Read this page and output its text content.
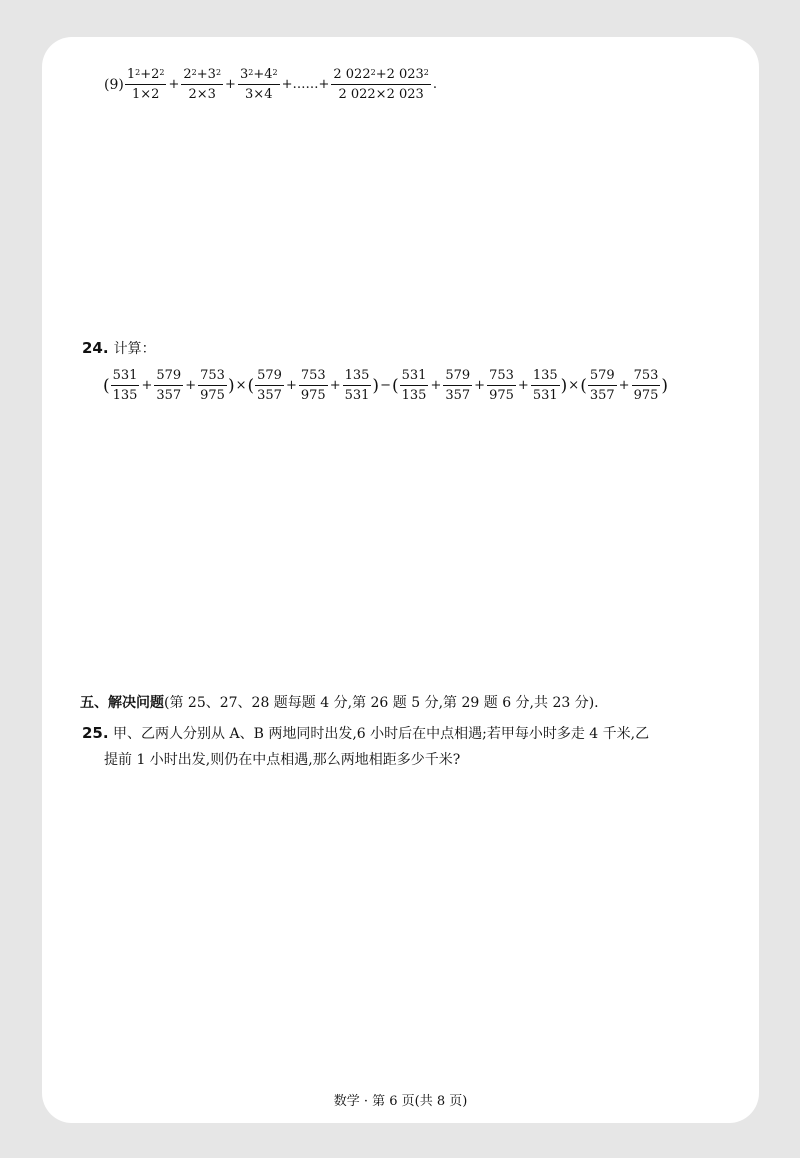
$(9) \frac{1^2+2^2}{1\times 2} + \frac{2^2+3^2}{2\times 3} + \frac{3^2+4^2}{3\times 4}$ +……+ $\frac{2 022^2+2 023^2}{2 022\times 2 023}$ .
24. 计算：
( $\frac{531}{135} + \frac{579}{357} + \frac{753}{975}$ ) × ( $\frac{579}{357} + \frac{753}{975} + \frac{135}{531}$ ) − ( $\frac{531}{135} + \frac{579}{357} + \frac{753}{975} + \frac{135}{531}$ ) × ( $\frac{579}{357} + \frac{753}{975}$ )
五、解决问题(第 25、27、28 题每题 4 分,第 26 题 5 分,第 29 题 6 分,共 23 分).
25. 甲、乙两人分别从 A、B 两地同时出发,6 小时后在中点相遇;若甲每小时多走 4 千米,乙
提前 1 小时出发,则仍在中点相遇,那么两地相距多少千米?
数学 · 第 6 页(共 8 页)
